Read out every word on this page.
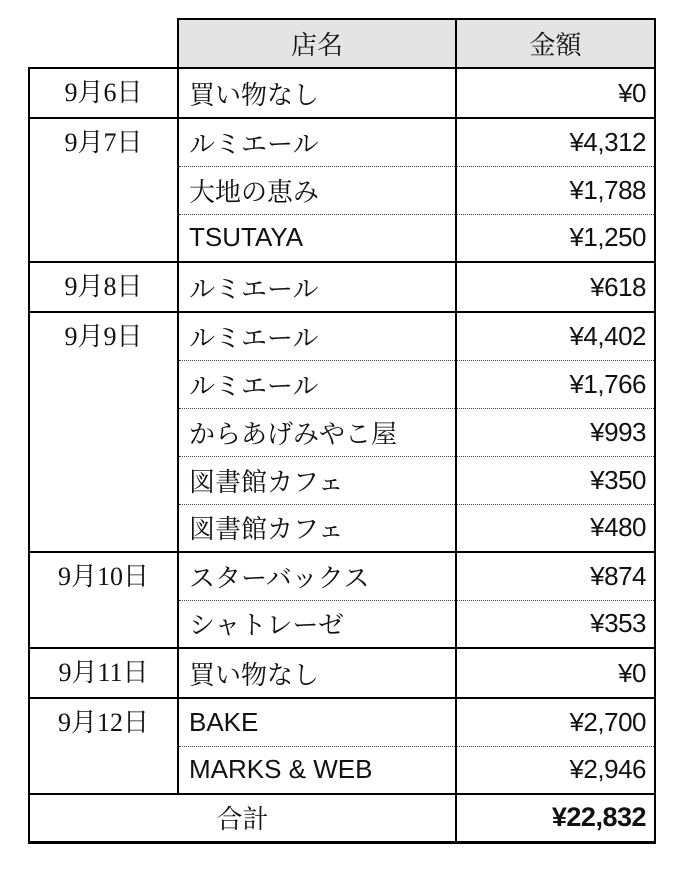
	店名	金額
9月6日	買い物なし	¥0
9月7日	ルミエール	¥4,312
	大地の恵み	¥1,788
	TSUTAYA	¥1,250
9月8日	ルミエール	¥618
9月9日	ルミエール	¥4,402
	ルミエール	¥1,766
	からあげみやこ屋	¥993
	図書館カフェ	¥350
	図書館カフェ	¥480
9月10日	スターバックス	¥874
	シャトレーゼ	¥353
9月11日	買い物なし	¥0
9月12日	BAKE	¥2,700
	MARKS & WEB	¥2,946
合計		¥22,832
